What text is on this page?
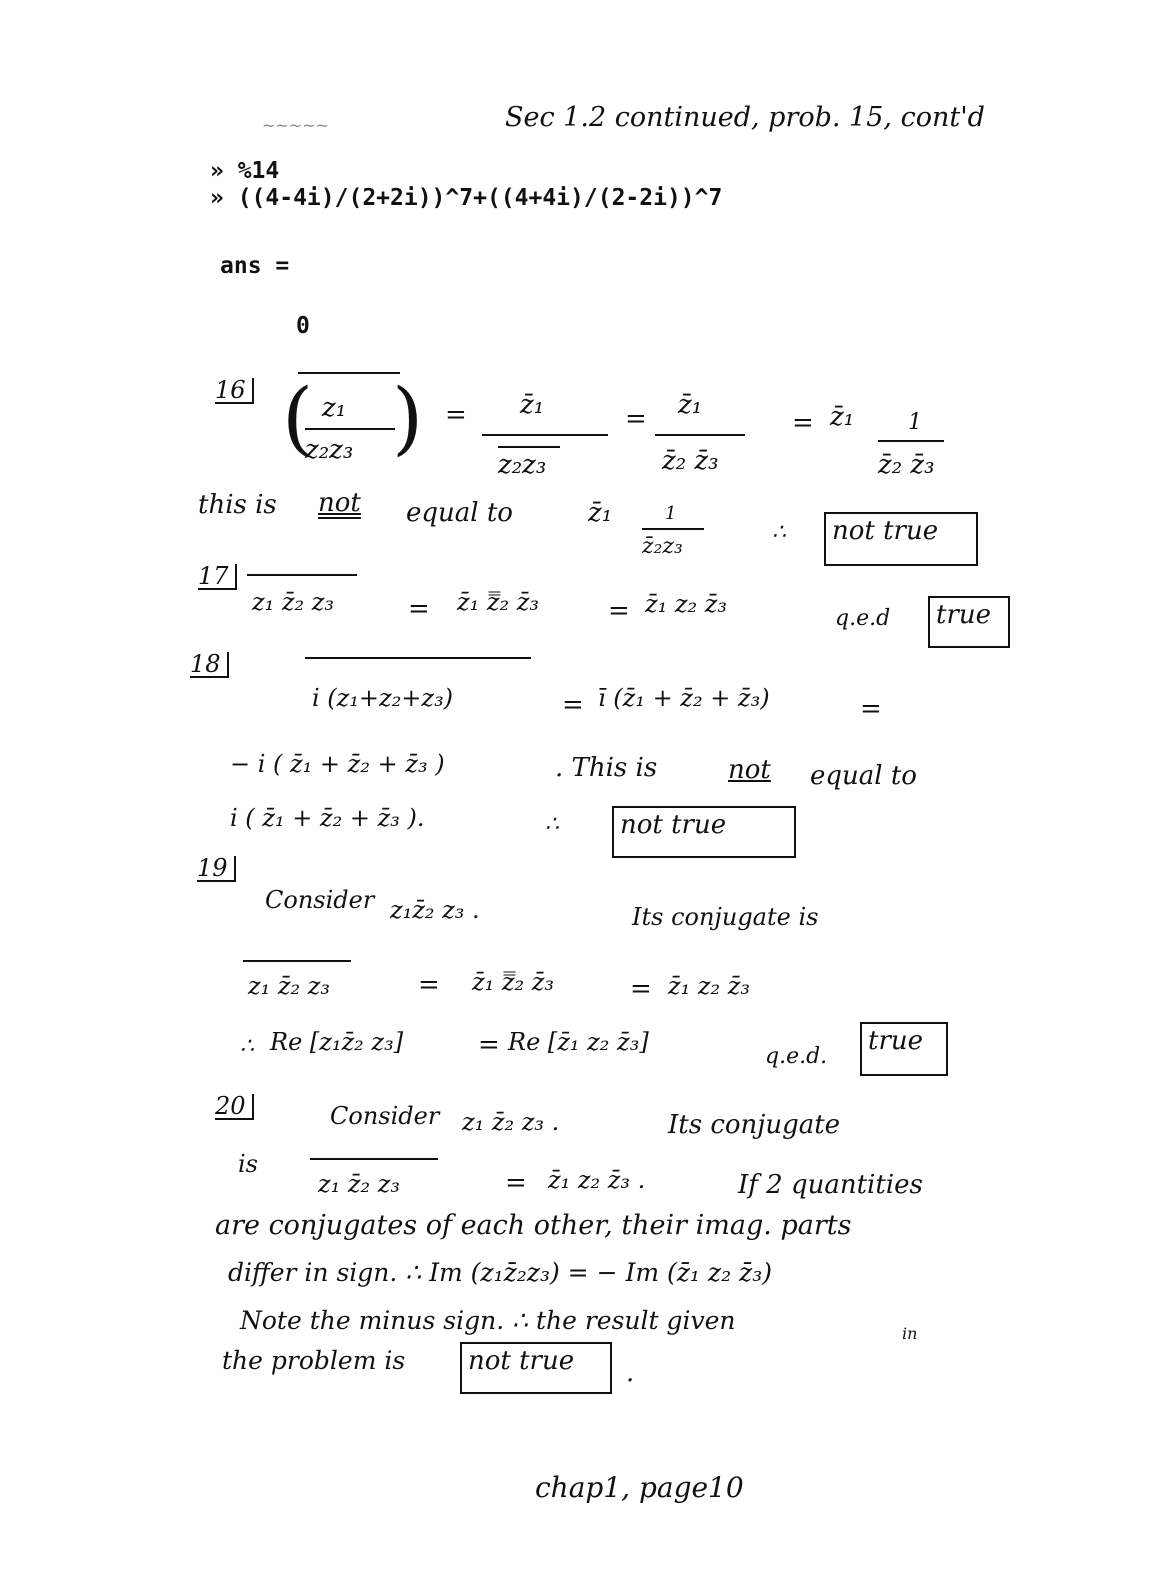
~~~~~	Sec 1.2 continued, prob. 15, cont'd
» %14
» ((4-4i)/(2+2i))^7+((4+4i)/(2-2i))^7
ans =
0
16 ( z₁
z₂z₃ ) = z̄₁
z₂z₃
= z̄₁
z̄₂ z̄₃
= z̄₁ 1
z̄₂ z̄₃
this is not equal to	z̄₁	1
z̄₂z₃
∴	not true
17
z₁ z̄₂ z₃	= z̄₁ z̿₂ z̄₃	= z̄₁ z₂ z̄₃
q.e.d	true
18
i (z₁+z₂+z₃)	= ī (z̄₁ + z̄₂ + z̄₃)	=
− i ( z̄₁ + z̄₂ + z̄₃ )	. This is	not equal to
i ( z̄₁ + z̄₂ + z̄₃ ).	∴	not true
19
Consider z₁z̄₂ z₃ .	Its conjugate is
z₁ z̄₂ z₃	= z̄₁ z̿₂ z̄₃	= z̄₁ z₂ z̄₃
∴ Re [z₁z̄₂ z₃]	= Re [z̄₁ z₂ z̄₃]
q.e.d.
true
20	Consider z₁ z̄₂ z₃ .	Its conjugate
is
z₁ z̄₂ z₃	= z̄₁ z₂ z̄₃ .	If 2 quantities
are conjugates of each other, their imag. parts
differ in sign. ∴ Im (z₁z̄₂z₃) = − Im (z̄₁ z₂ z̄₃)
Note the minus sign. ∴ the result given	in
the problem is	not true	.
chap1, page10
